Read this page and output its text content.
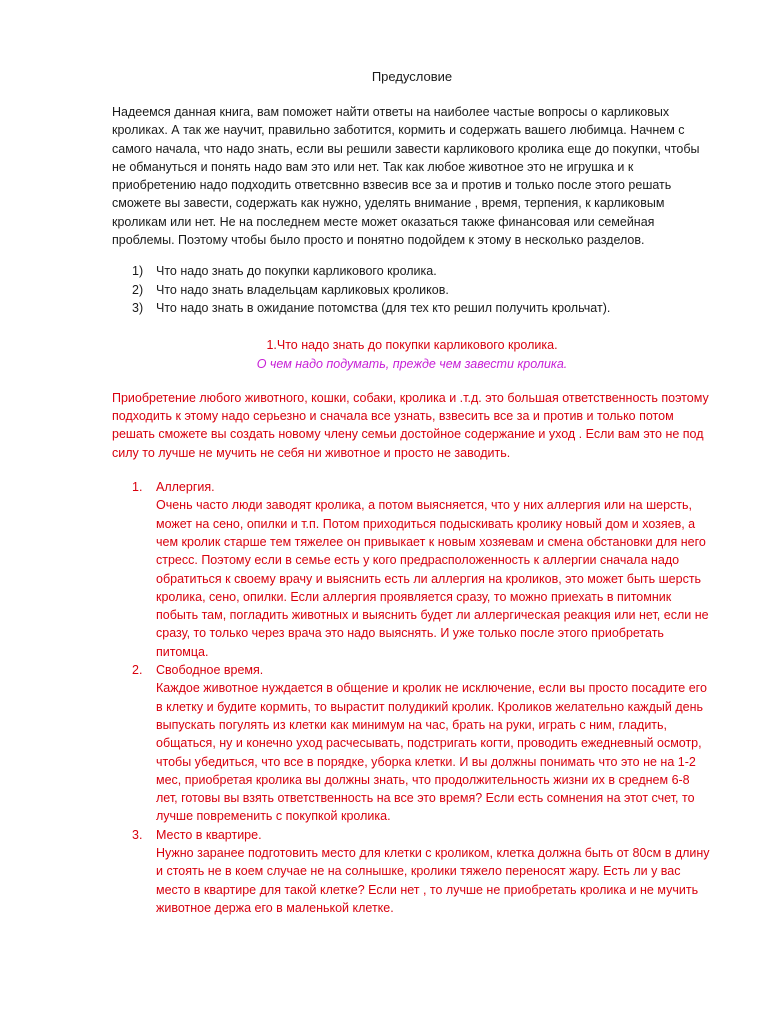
Предусловие

Надеемся данная книга, вам поможет найти ответы на наиболее частые вопросы о карликовых кроликах. А так же научит, правильно заботится, кормить и содержать вашего любимца. Начнем с самого начала, что надо знать, если вы решили завести карликового кролика еще до покупки, чтобы не обмануться и понять надо вам это или нет. Так как любое животное это не игрушка и к приобретению надо подходить ответсвнно взвесив все за и против и только после этого решать сможете вы завести, содержать как нужно, уделять внимание , время, терпения, к карликовым кроликам или нет. Не на последнем месте может оказаться также финансовая или семейная проблемы. Поэтому чтобы было просто и понятно подойдем к этому в несколько разделов.

1) Что надо знать до покупки карликового кролика.
2) Что надо знать владельцам карликовых кроликов.
3) Что надо знать в ожидание потомства (для тех кто решил получить крольчат).

1.Что надо знать до покупки карликового кролика.

О чем надо подумать, прежде чем завести кролика.

Приобретение любого животного, кошки, собаки, кролика и .т.д. это большая ответственность поэтому подходить к этому надо серьезно и сначала все узнать, взвесить все за и против и только потом решать сможете вы создать новому члену семьи достойное содержание и уход . Если вам это не под силу то лучше не мучить не себя ни животное и просто не заводить.

1. Аллергия.
Очень часто люди заводят кролика, а потом выясняется, что у них аллергия или на шерсть, может на сено, опилки и т.п. Потом приходиться подыскивать кролику новый дом и хозяев, а чем кролик старше тем тяжелее он привыкает к новым хозяевам и смена обстановки для него стресс. Поэтому если в семье есть у кого предрасположенность к аллергии сначала надо обратиться к своему врачу и выяснить есть ли аллергия на кроликов, это может быть шерсть кролика, сено, опилки. Если аллергия проявляется сразу, то можно приехать в питомник побыть там, погладить животных и выяснить будет ли аллергическая реакция или нет, если не сразу, то только через врача это надо выяснять. И уже только после этого приобретать питомца.
2. Свободное время.
Каждое животное нуждается в общение и кролик не исключение, если вы просто посадите его в клетку и будите кормить, то вырастит полудикий кролик. Кроликов желательно каждый день выпускать погулять из клетки как минимум на час, брать на руки, играть с ним, гладить, общаться, ну и конечно уход расчесывать, подстригать когти, проводить ежедневный осмотр, чтобы убедиться, что все в порядке, уборка клетки. И вы должны понимать что это не на 1-2 мес, приобретая кролика вы должны знать, что продолжительность жизни их в среднем 6-8 лет, готовы вы взять ответственность на все это время? Если есть сомнения на этот счет, то лучше повременить с покупкой кролика.
3. Место в квартире.
Нужно заранее подготовить место для клетки с кроликом, клетка должна быть от 80см в длину и стоять не в коем случае не на солнышке, кролики тяжело переносят жару. Есть ли у вас место в квартире для такой клетке? Если нет , то лучше не приобретать кролика и не мучить животное держа его в маленькой клетке.
